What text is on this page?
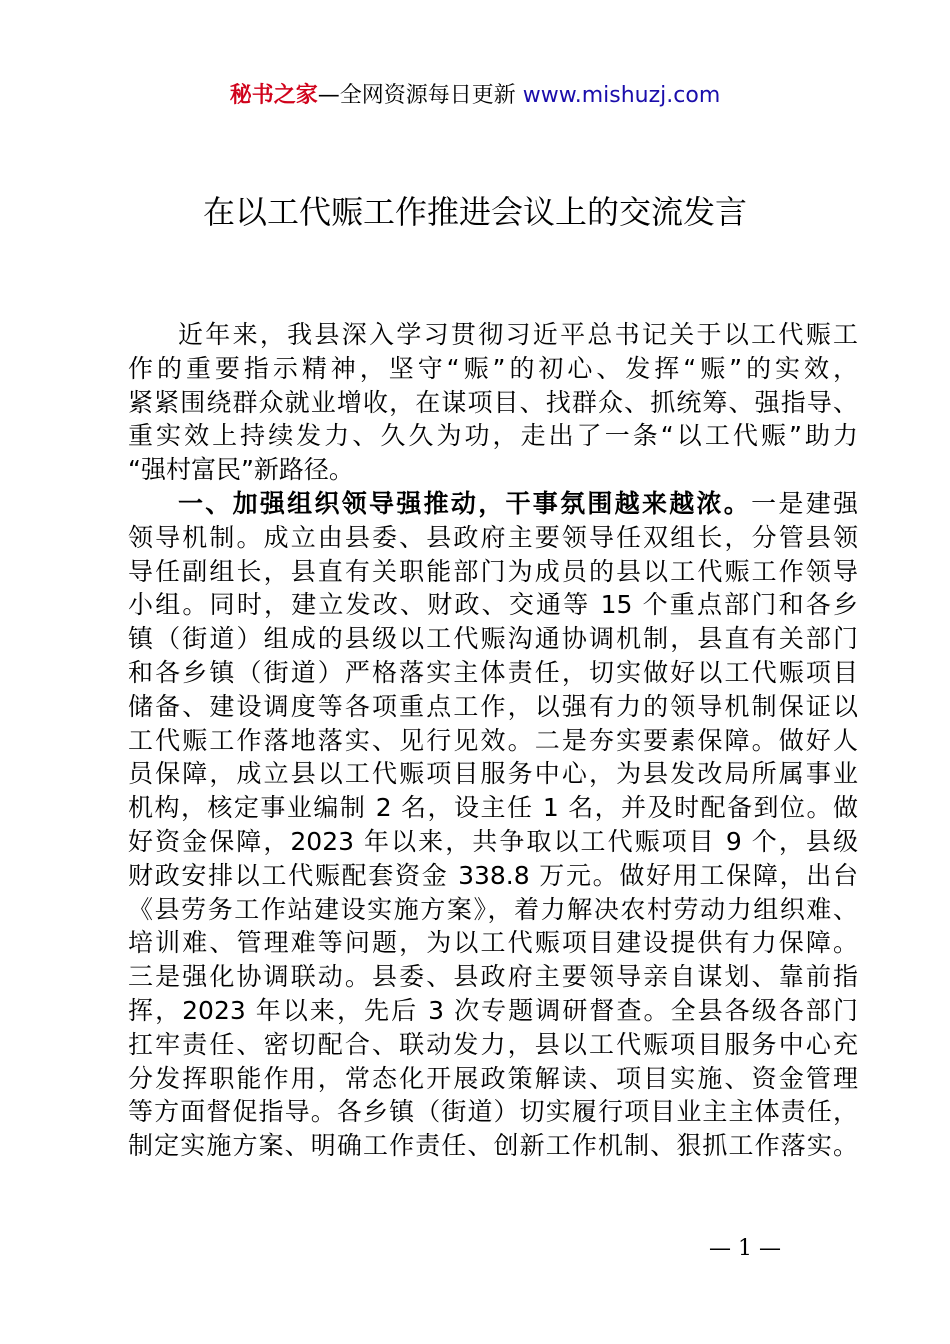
秘书之家—全网资源每日更新 www.mishuzj.com
在以工代赈工作推进会议上的交流发言
近年来，我县深入学习贯彻习近平总书记关于以工代赈工
作的重要指示精神，坚守“赈”的初心、发挥“赈”的实效，
紧紧围绕群众就业增收，在谋项目、找群众、抓统筹、强指导、
重实效上持续发力、久久为功，走出了一条“以工代赈”助力
“强村富民”新路径。
一、加强组织领导强推动，干事氛围越来越浓。一是建强
领导机制。成立由县委、县政府主要领导任双组长，分管县领
导任副组长，县直有关职能部门为成员的县以工代赈工作领导
小组。同时，建立发改、财政、交通等 15 个重点部门和各乡
镇（街道）组成的县级以工代赈沟通协调机制，县直有关部门
和各乡镇（街道）严格落实主体责任，切实做好以工代赈项目
储备、建设调度等各项重点工作，以强有力的领导机制保证以
工代赈工作落地落实、见行见效。二是夯实要素保障。做好人
员保障，成立县以工代赈项目服务中心，为县发改局所属事业
机构，核定事业编制 2 名，设主任 1 名，并及时配备到位。做
好资金保障，2023 年以来，共争取以工代赈项目 9 个，县级
财政安排以工代赈配套资金 338.8 万元。做好用工保障，出台
《县劳务工作站建设实施方案》，着力解决农村劳动力组织难、
培训难、管理难等问题，为以工代赈项目建设提供有力保障。
三是强化协调联动。县委、县政府主要领导亲自谋划、靠前指
挥，2023 年以来，先后 3 次专题调研督查。全县各级各部门
扛牢责任、密切配合、联动发力，县以工代赈项目服务中心充
分发挥职能作用，常态化开展政策解读、项目实施、资金管理
等方面督促指导。各乡镇（街道）切实履行项目业主主体责任，
制定实施方案、明确工作责任、创新工作机制、狠抓工作落实。
— 1 —
